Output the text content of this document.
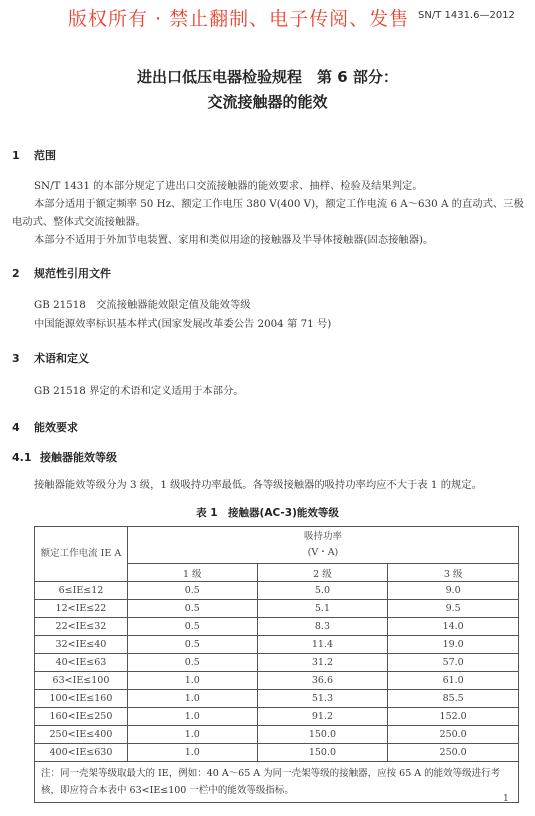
版权所有 · 禁止翻制、电子传阅、发售 SN/T 1431.6—2012
进出口低压电器检验规程　第 6 部分：
交流接触器的能效
1 范围
SN/T 1431 的本部分规定了进出口交流接触器的能效要求、抽样、检验及结果判定。
本部分适用于额定频率 50 Hz、额定工作电压 380 V(400 V)，额定工作电流 6 A～630 A 的直动式、三极电动式、整体式交流接触器。
本部分不适用于外加节电装置、家用和类似用途的接触器及半导体接触器(固态接触器)。
2 规范性引用文件
GB 21518　交流接触器能效限定值及能效等级
中国能源效率标识基本样式(国家发展改革委公告 2004 第 71 号)
3 术语和定义
GB 21518 界定的术语和定义适用于本部分。
4 能效要求
4.1 接触器能效等级
接触器能效等级分为 3 级，1 级吸持功率最低。各等级接触器的吸持功率均应不大于表 1 的规定。
表 1　接触器(AC-3)能效等级
额定工作电流 IE A	吸持功率
(V・A)		

	1 级	2 级	3 级
6≤IE≤12	0.5	5.0	9.0
12<IE≤22	0.5	5.1	9.5
22<IE≤32	0.5	8.3	14.0
32<IE≤40	0.5	11.4	19.0
40<IE≤63	0.5	31.2	57.0
63<IE≤100	1.0	36.6	61.0
100<IE≤160	1.0	51.3	85.5
160<IE≤250	1.0	91.2	152.0
250<IE≤400	1.0	150.0	250.0
400<IE≤630	1.0	150.0	250.0
注：同一壳架等级取最大的 IE，例如：40 A～65 A 为同一壳架等级的接触器，应按 65 A 的能效等级进行考核，即应符合本表中 63<IE≤100 一栏中的能效等级指标。			
1
